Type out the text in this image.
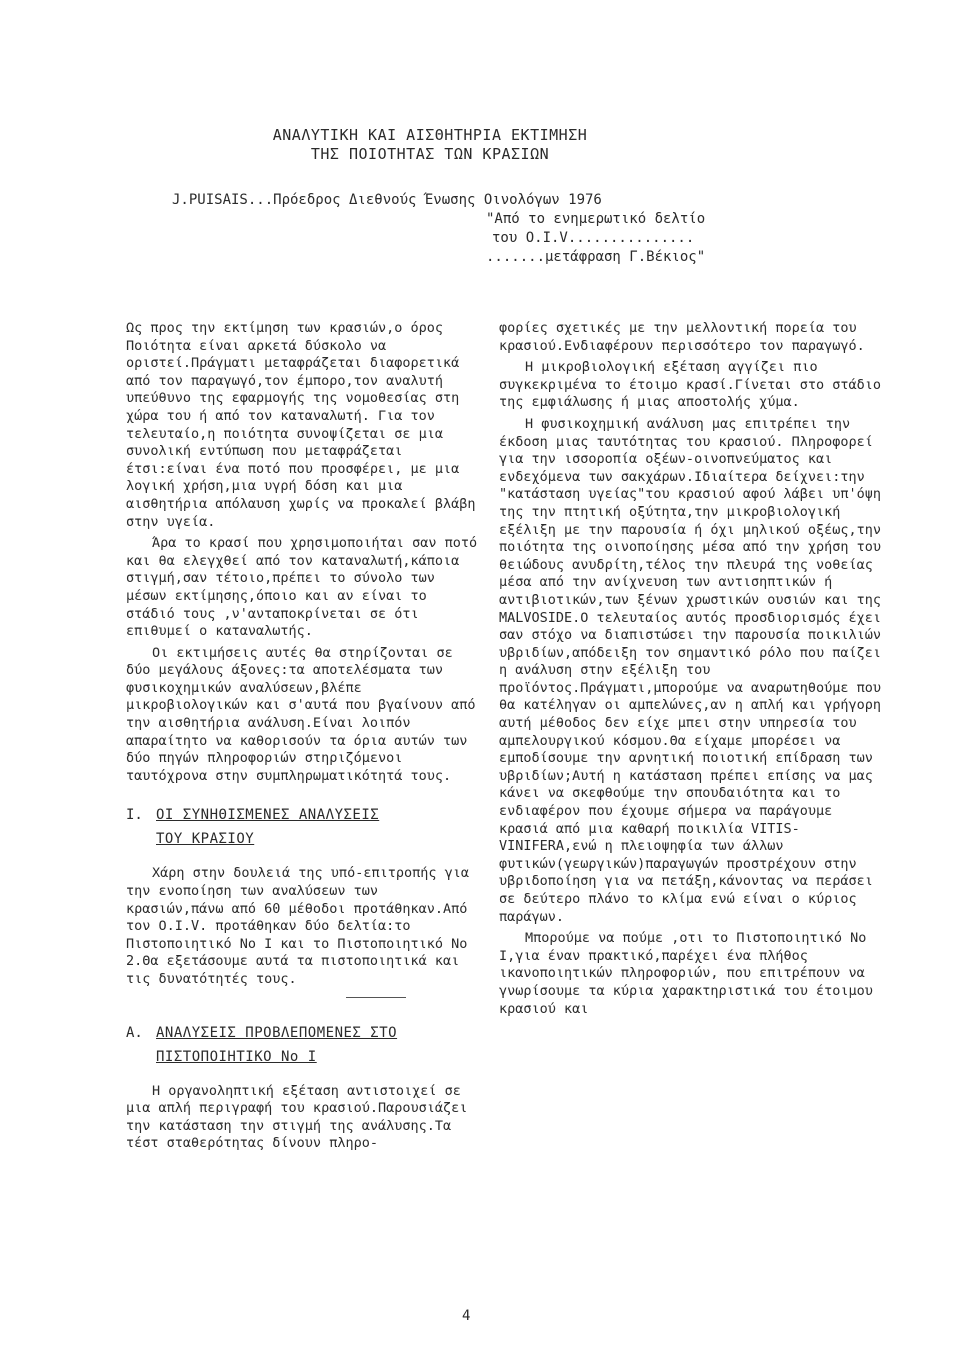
ΑΝΑΛΥΤΙΚΗ ΚΑΙ ΑΙΣΘΗΤΗΡΙΑ ΕΚΤΙΜΗΣΗ
ΤΗΣ ΠΟΙΟΤΗΤΑΣ ΤΩΝ ΚΡΑΣΙΩΝ
J.PUISAIS...Πρόεδρος Διεθνούς Ένωσης Οινολόγων 1976
"Από το ενημερωτικό δελτίο
του Ο.Ι.V...............
.......μετάφραση Γ.Βέκιος"

Ως προς την εκτίμηση των κρασιών,ο όρος Ποιότητα είναι αρκετά δύσκολο να οριστεί.Πράγματι μεταφράζεται διαφορετικά από τον παραγωγό,τον έμπορο,τον αναλυτή υπεύθυνο της εφαρμογής της νομοθεσίας στη χώρα του ή από τον καταναλωτή. Για τον τελευταίο,η ποιότητα συνοψίζεται σε μια συνολική εντύπωση που μεταφράζεται έτσι:είναι ένα ποτό που προσφέρει, με μια λογική χρήση,μια υγρή δόση και μια αισθητήρια απόλαυση χωρίς να προκαλεί βλάβη στην υγεία.

Άρα το κρασί που χρησιμοποιήται σαν ποτό και θα ελεγχθεί από τον καταναλωτή,κάποια στιγμή,σαν τέτοιο,πρέπει το σύνολο των μέσων εκτίμησης,όποιο και αν είναι το στάδιό τους ,ν'ανταποκρίνεται σε ότι επιθυμεί ο καταναλωτής.

Οι εκτιμήσεις αυτές θα στηρίζονται σε δύο μεγάλους άξονες:τα αποτελέσματα των φυσικοχημικών αναλύσεων,βλέπε μικροβιολογικών και σ'αυτά που βγαίνουν από την αισθητήρια ανάλυση.Είναι λοιπόν απαραίτητο να καθορισούν τα όρια αυτών των δύο πηγών πληροφοριών στηριζόμενοι ταυτόχρονα στην συμπληρωματικότητά τους.

Ι. ΟΙ ΣΥΝΗΘΙΣΜΕΝΕΣ ΑΝΑΛΥΣΕΙΣ
ΤΟΥ ΚΡΑΣΙΟΥ

Χάρη στην δουλειά της υπό-επιτροπής για την ενοποίηση των αναλύσεων των κρασιών,πάνω από 60 μέθοδοι προτάθηκαν.Από τον Ο.Ι.V. προτάθηκαν δύο δελτία:το Πιστοποιητικό Νο Ι και το Πιστοποιητικό Νο 2.Θα εξετάσουμε αυτά τα πιστοποιητικά και τις δυνατότητές τους.

Α. ΑΝΑΛΥΣΕΙΣ ΠΡΟΒΛΕΠΟΜΕΝΕΣ ΣΤΟ
ΠΙΣΤΟΠΟΙΗΤΙΚΟ Νο Ι

Η οργανοληπτική εξέταση αντιστοιχεί σε μια απλή περιγραφή του κρασιού.Παρουσιάζει την κατάσταση την στιγμή της ανάλυσης.Τα τέστ σταθερότητας δίνουν πληρο-

φορίες σχετικές με την μελλοντική πορεία του κρασιού.Ενδιαφέρουν περισσότερο τον παραγωγό.

Η μικροβιολογική εξέταση αγγίζει πιο συγκεκριμένα το έτοιμο κρασί.Γίνεται στο στάδιο της εμφιάλωσης ή μιας αποστολής χύμα.

Η φυσικοχημική ανάλυση μας επιτρέπει την έκδοση μιας ταυτότητας του κρασιού. Πληροφορεί για την ισσοροπία οξέων-οινοπνεύματος και ενδεχόμενα των σακχάρων.Ιδιαίτερα δείχνει:την "κατάσταση υγείας"του κρασιού αφού λάβει υπ'όψη της την πτητική οξύτητα,την μικροβιολογική εξέλιξη με την παρουσία ή όχι μηλικού οξέως,την ποιότητα της οινοποίησης μέσα από την χρήση του θειώδους ανυδρίτη,τέλος την πλευρά της νοθείας μέσα από την ανίχνευση των αντισηπτικών ή αντιβιοτικών,των ξένων χρωστικών ουσιών και της MALVOSIDE.Ο τελευταίος αυτός προσδιορισμός έχει σαν στόχο να διαπιστώσει την παρουσία ποικιλιών υβριδίων,απόδειξη τον σημαντικό ρόλο που παίζει η ανάλυση στην εξέλιξη του προϊόντος.Πράγματι,μπορούμε να αναρωτηθούμε που θα κατέληγαν οι αμπελώνες,αν η απλή και γρήγορη αυτή μέθοδος δεν είχε μπει στην υπηρεσία του αμπελουργικού κόσμου.Θα είχαμε μπορέσει να εμποδίσουμε την αρνητική ποιοτική επίδραση των υβριδίων;Αυτή η κατάσταση πρέπει επίσης να μας κάνει να σκεφθούμε την σπουδαιότητα και το ενδιαφέρον που έχουμε σήμερα να παράγουμε κρασιά από μια καθαρή ποικιλία VITIS-VINIFERA,ενώ η πλειοψηφία των άλλων φυτικών(γεωργικών)παραγωγών προστρέχουν στην υβριδοποίηση για να πετάξη,κάνοντας να περάσει σε δεύτερο πλάνο το κλίμα ενώ είναι ο κύριος παράγων.

Μπορούμε να πούμε ,οτι το Πιστοποιητικό Νο Ι,για έναν πρακτικό,παρέχει ένα πλήθος ικανοποιητικών πληροφοριών, που επιτρέπουν να γνωρίσουμε τα κύρια χαρακτηριστικά του έτοιμου κρασιού και

4
